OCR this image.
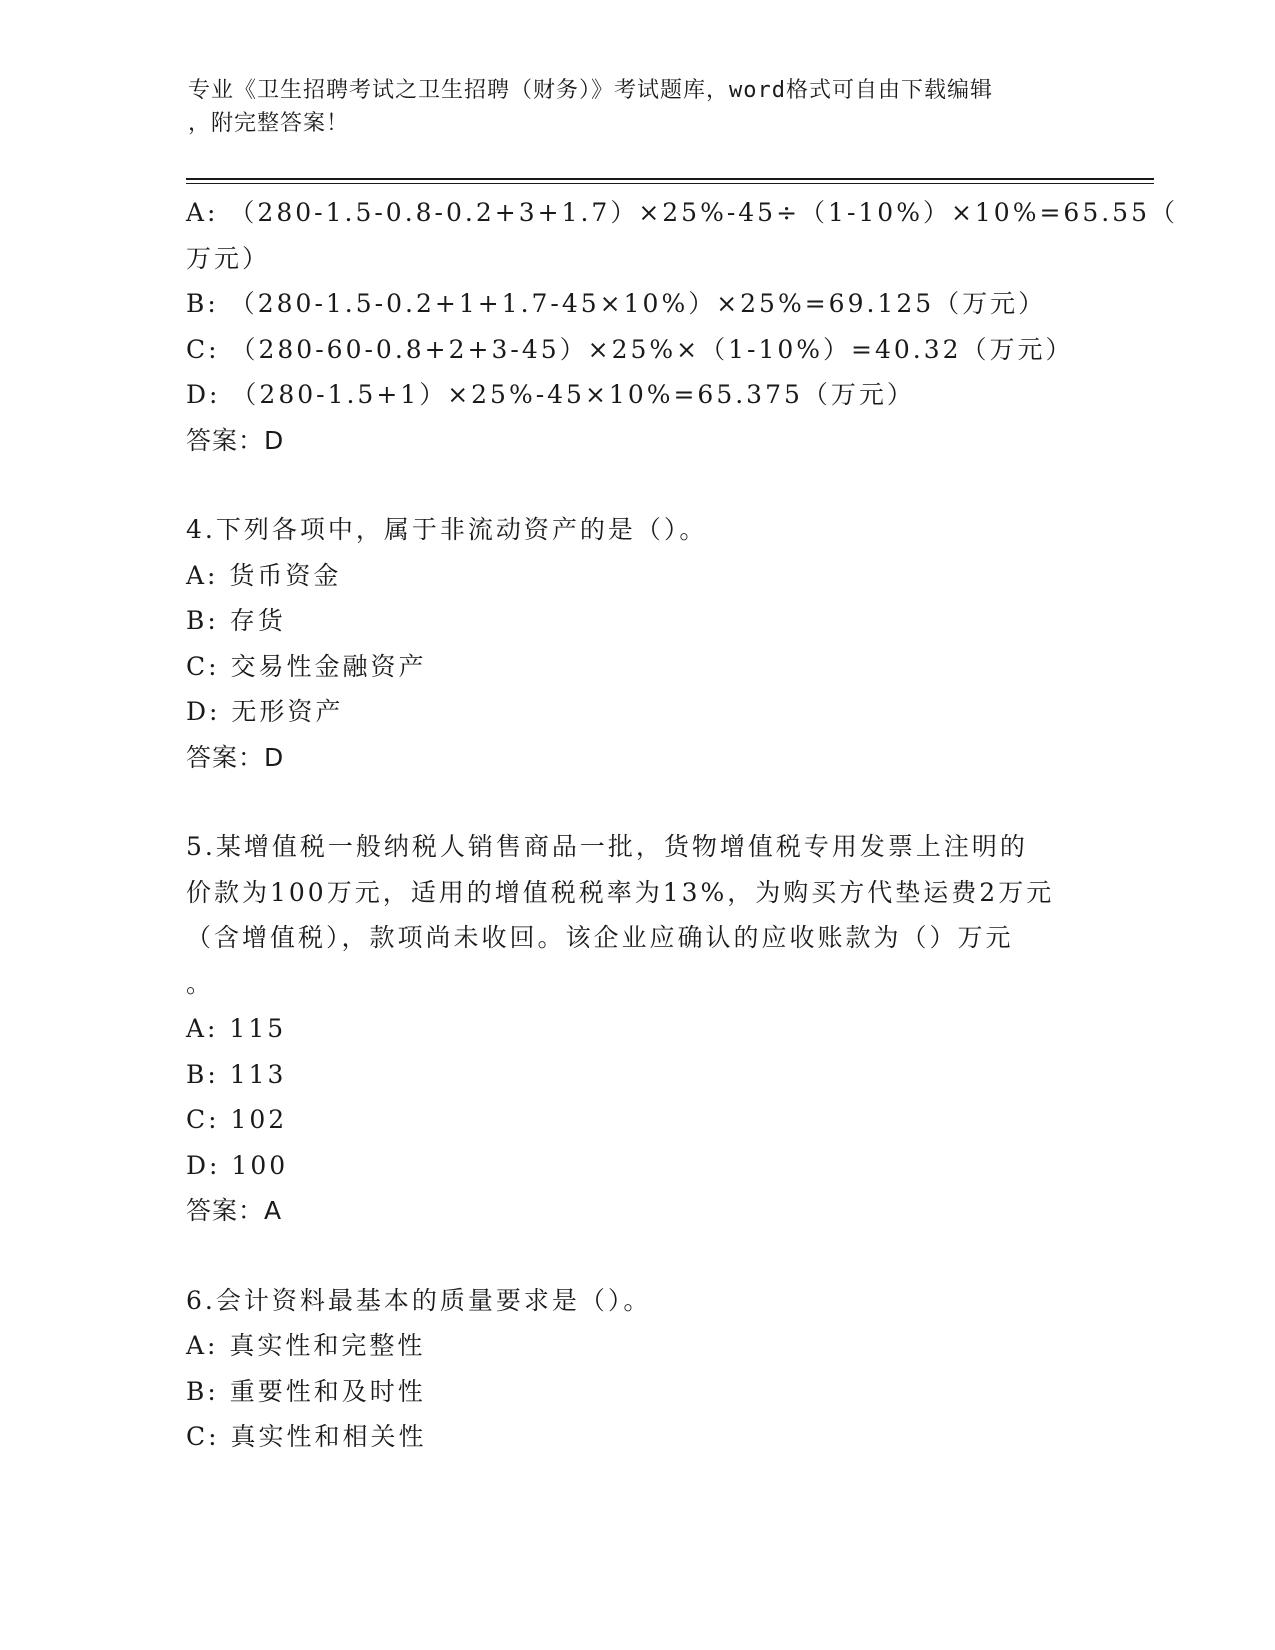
专业《卫生招聘考试之卫生招聘（财务）》考试题库，word格式可自由下载编辑
，附完整答案！
A: （280-1.5-0.8-0.2+3+1.7）×25%-45÷（1-10%）×10%=65.55（
万元）
B: （280-1.5-0.2+1+1.7-45×10%）×25%=69.125（万元）
C: （280-60-0.8+2+3-45）×25%×（1-10%）=40.32（万元）
D: （280-1.5+1）×25%-45×10%=65.375（万元）
答案：D
4.下列各项中，属于非流动资产的是（）。
A: 货币资金
B: 存货
C: 交易性金融资产
D: 无形资产
答案：D
5.某增值税一般纳税人销售商品一批，货物增值税专用发票上注明的
价款为100万元，适用的增值税税率为13%，为购买方代垫运费2万元
（含增值税），款项尚未收回。该企业应确认的应收账款为（）万元
。
A: 115
B: 113
C: 102
D: 100
答案：A
6.会计资料最基本的质量要求是（）。
A: 真实性和完整性
B: 重要性和及时性
C: 真实性和相关性
